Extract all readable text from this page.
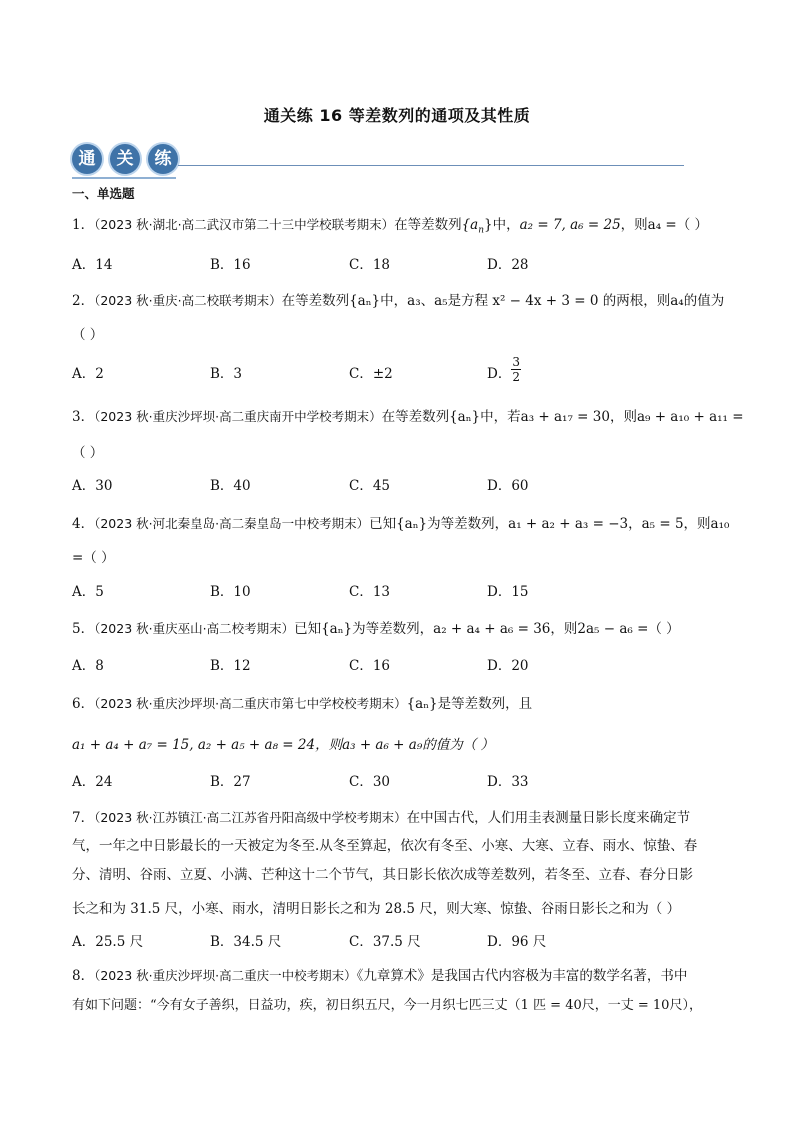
通关练 16 等差数列的通项及其性质
通	关	练
一、单选题
1．（2023 秋·湖北·高二武汉市第二十三中学校联考期末）在等差数列$\{a_n\}$中，a₂ = 7, a₆ = 25，则a₄ =（ ）
A．14	B．16	C．18	D．28
2．（2023 秋·重庆·高二校联考期末）在等差数列{aₙ}中，a₃、a₅是方程 x² − 4x + 3 = 0 的两根，则a₄的值为
（ ）
A．2	B．3	C．±2	D． $\frac{3}{2}$
3．（2023 秋·重庆沙坪坝·高二重庆南开中学校考期末）在等差数列{aₙ}中，若a₃ + a₁₇ = 30，则a₉ + a₁₀ + a₁₁ =
（ ）
A．30	B．40	C．45	D．60
4．（2023 秋·河北秦皇岛·高二秦皇岛一中校考期末）已知{aₙ}为等差数列，a₁ + a₂ + a₃ = −3，a₅ = 5，则a₁₀
=（ ）
A．5	B．10	C．13	D．15
5．（2023 秋·重庆巫山·高二校考期末）已知{aₙ}为等差数列，a₂ + a₄ + a₆ = 36，则2a₅ − a₆ =（ ）
A．8	B．12	C．16	D．20
6．（2023 秋·重庆沙坪坝·高二重庆市第七中学校校考期末）{aₙ}是等差数列，且
a₁ + a₄ + a₇ = 15, a₂ + a₅ + a₈ = 24，则a₃ + a₆ + a₉的值为（ ）
A．24	B．27	C．30	D．33
7．（2023 秋·江苏镇江·高二江苏省丹阳高级中学校考期末）在中国古代，人们用圭表测量日影长度来确定节
气，一年之中日影最长的一天被定为冬至.从冬至算起，依次有冬至、小寒、大寒、立春、雨水、惊蛰、春
分、清明、谷雨、立夏、小满、芒种这十二个节气，其日影长依次成等差数列，若冬至、立春、春分日影
长之和为 31.5 尺，小寒、雨水，清明日影长之和为 28.5 尺，则大寒、惊蛰、谷雨日影长之和为（ ）
A．25.5 尺	B．34.5 尺	C．37.5 尺	D．96 尺
8．（2023 秋·重庆沙坪坝·高二重庆一中校考期末）《九章算术》是我国古代内容极为丰富的数学名著，书中
有如下问题：“今有女子善织，日益功，疾，初日织五尺，今一月织七匹三丈（1 匹 = 40尺，一丈 = 10尺），
